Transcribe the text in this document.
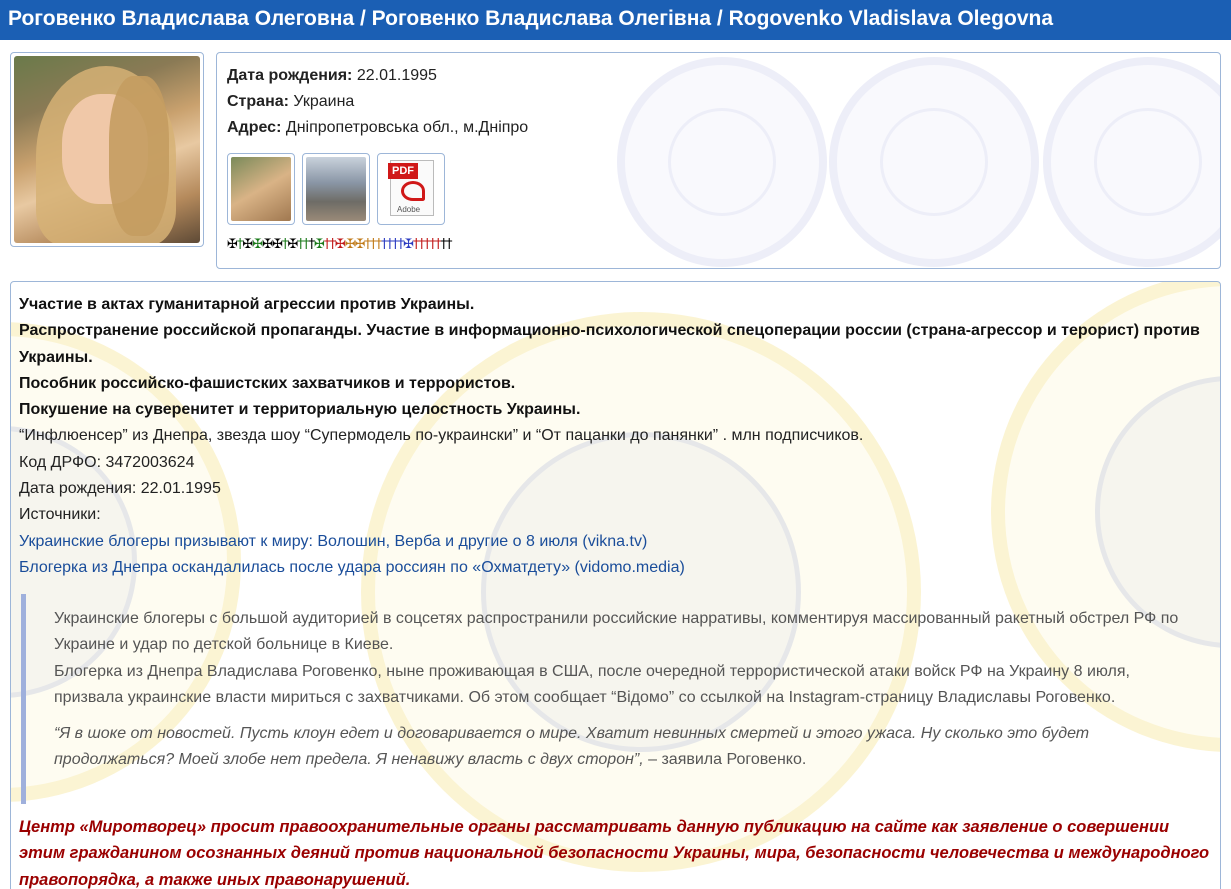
Роговенко Владислава Олеговна / Роговенко Владислава Олегівна / Rogovenko Vladislava Olegovna
Дата рождения: 22.01.1995
Страна: Украина
Адрес: Дніпропетровська обл., м.Дніпро
PDF
Adobe
✠†✠✠✠✠†✠†††✠††✠✠✠†††††††✠†††††††
Участие в актах гуманитарной агрессии против Украины.
Распространение российской пропаганды. Участие в информационно-психологической спецоперации россии (страна-агрессор и терорист) против Украины.
Пособник российско-фашистских захватчиков и террористов.
Покушение на суверенитет и территориальную целостность Украины.
“Инфлюенсер” из Днепра, звезда шоу “Супермодель по-украински” и “От пацанки до панянки” . млн подписчиков.
Код ДРФО: 3472003624
Дата рождения: 22.01.1995
Источники:
Украинские блогеры призывают к миру: Волошин, Верба и другие о 8 июля (vikna.tv)
Блогерка из Днепра оскандалилась после удара россиян по «Охматдету» (vidomo.media)

Украинские блогеры с большой аудиторией в соцсетях распространили российские нарративы, комментируя массированный ракетный обстрел РФ по Украине и удар по детской больнице в Киеве.
Блогерка из Днепра Владислава Роговенко, ныне проживающая в США, после очередной террористической атаки войск РФ на Украину 8 июля, призвала украинские власти мириться с захватчиками. Об этом сообщает “Відомо” со ссылкой на Instagram-страницу Владиславы Роговенко.

“Я в шоке от новостей. Пусть клоун едет и договаривается о мире. Хватит невинных смертей и этого ужаса. Ну сколько это будет продолжаться? Моей злобе нет предела. Я ненавижу власть с двух сторон”, – заявила Роговенко.

Центр «Миротворец» просит правоохранительные органы рассматривать данную публикацию на сайте как заявление о совершении этим гражданином осознанных деяний против национальной безопасности Украины, мира, безопасности человечества и международного правопорядка, а также иных правонарушений.
